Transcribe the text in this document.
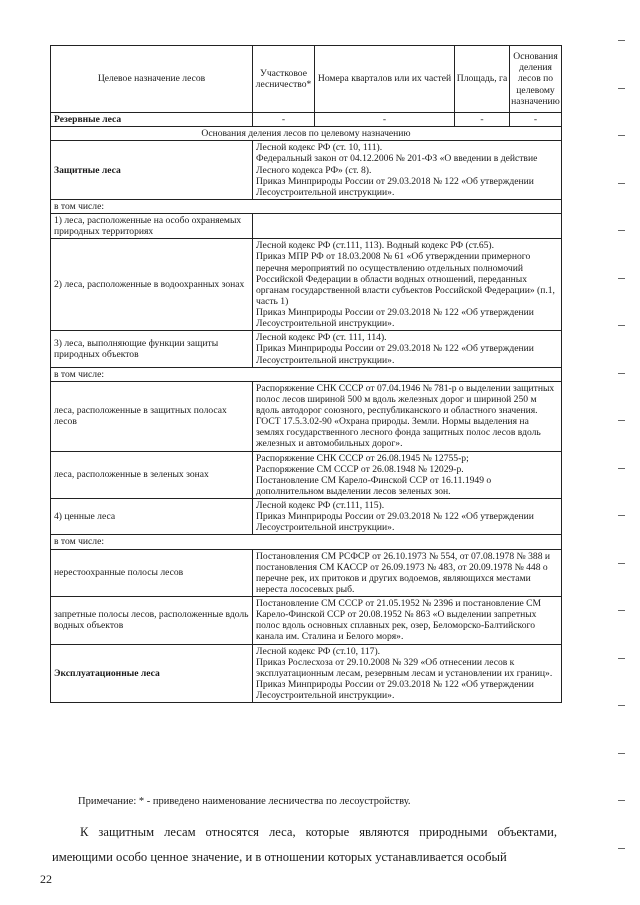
Целевое назначение лесов	Участковое лесничество*	Номера кварталов или их частей	Площадь, га	Основания деления лесов по целевому назначению
Резервные леса	-	-	-	-
Основания деления лесов по целевому назначению				
Защитные леса	Лесной кодекс РФ (ст. 10, 111).
Федеральный закон от 04.12.2006 № 201-ФЗ «О введении в действие Лесного кодекса РФ» (ст. 8).
Приказ Минприроды России от 29.03.2018 № 122 «Об утверждении Лесоустроительной инструкции».			
в том числе:				
1) леса, расположенные на особо охраняемых природных территориях				
2) леса, расположенные в водоохранных зонах	Лесной кодекс РФ (ст.111, 113). Водный кодекс РФ (ст.65).
Приказ МПР РФ от 18.03.2008 № 61 «Об утверждении примерного перечня мероприятий по осуществлению отдельных полномочий Российской Федерации в области водных отношений, переданных органам государственной власти субъектов Российской Федерации» (п.1, часть 1)
Приказ Минприроды России от 29.03.2018 № 122 «Об утверждении Лесоустроительной инструкции».			
3) леса, выполняющие функции защиты природных объектов	Лесной кодекс РФ (ст. 111, 114).
Приказ Минприроды России от 29.03.2018 № 122 «Об утверждении Лесоустроительной инструкции».			
в том числе:				
леса, расположенные в защитных полосах лесов	Распоряжение СНК СССР от 07.04.1946 № 781-р о выделении защитных полос лесов шириной 500 м вдоль железных дорог и шириной 250 м вдоль автодорог союзного, республиканского и областного значения.
ГОСТ 17.5.3.02-90 «Охрана природы. Земли. Нормы выделения на землях государственного лесного фонда защитных полос лесов вдоль железных и автомобильных дорог».			
леса, расположенные в зеленых зонах	Распоряжение СНК СССР от 26.08.1945 № 12755-р;
Распоряжение СМ СССР от 26.08.1948 № 12029-р.
Постановление СМ Карело-Финской ССР от 16.11.1949 о дополнительном выделении лесов зеленых зон.			
4) ценные леса	Лесной кодекс РФ (ст.111, 115).
Приказ Минприроды России от 29.03.2018 № 122 «Об утверждении Лесоустроительной инструкции».			
в том числе:				
нерестоохранные полосы лесов	Постановления СМ РСФСР от 26.10.1973 № 554, от 07.08.1978 № 388 и постановления СМ КАССР от 26.09.1973 № 483, от 20.09.1978 № 448 о перечне рек, их притоков и других водоемов, являющихся местами нереста лососевых рыб.			
запретные полосы лесов, расположенные вдоль водных объектов	Постановление СМ СССР от 21.05.1952 № 2396 и постановление СМ Карело-Финской ССР от 20.08.1952 № 863 «О выделении запретных полос вдоль основных сплавных рек, озер, Беломорско-Балтийского канала им. Сталина и Белого моря».			
Эксплуатационные леса	Лесной кодекс РФ (ст.10, 117).
Приказ Рослесхоза от 29.10.2008 № 329 «Об отнесении лесов к эксплуатационным лесам, резервным лесам и установлении их границ». Приказ Минприроды России от 29.03.2018 № 122 «Об утверждении Лесоустроительной инструкции».			
Примечание: * - приведено наименование лесничества по лесоустройству.
К защитным лесам относятся леса, которые являются природными объектами, имеющими особо ценное значение, и в отношении которых устанавливается особый
22
